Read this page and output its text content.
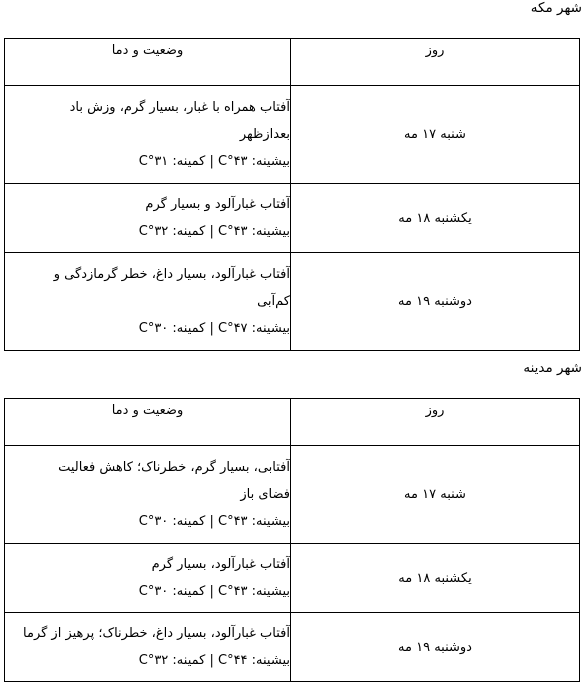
شهر مکه
روز	وضعیت و دما
شنبه ۱۷ مه	آفتاب همراه با غبار، بسیار گرم، وزش باد
بعدازظهر
بیشینه: ۴۳°C | کمینه: ۳۱°C

یکشنبه ۱۸ مه	آفتاب غبارآلود و بسیار گرم
بیشینه: ۴۳°C | کمینه: ۳۲°C

دوشنبه ۱۹ مه	آفتاب غبارآلود، بسیار داغ، خطر گرمازدگی و
کم‌آبی
بیشینه: ۴۷°C | کمینه: ۳۰°C
شهر مدینه
روز	وضعیت و دما
شنبه ۱۷ مه	آفتابی، بسیار گرم، خطرناک؛ کاهش فعالیت
فضای باز
بیشینه: ۴۳°C | کمینه: ۳۰°C

یکشنبه ۱۸ مه	آفتاب غبارآلود، بسیار گرم
بیشینه: ۴۳°C | کمینه: ۳۰°C

دوشنبه ۱۹ مه	آفتاب غبارآلود، بسیار داغ، خطرناک؛ پرهیز از گرما
بیشینه: ۴۴°C | کمینه: ۳۲°C
